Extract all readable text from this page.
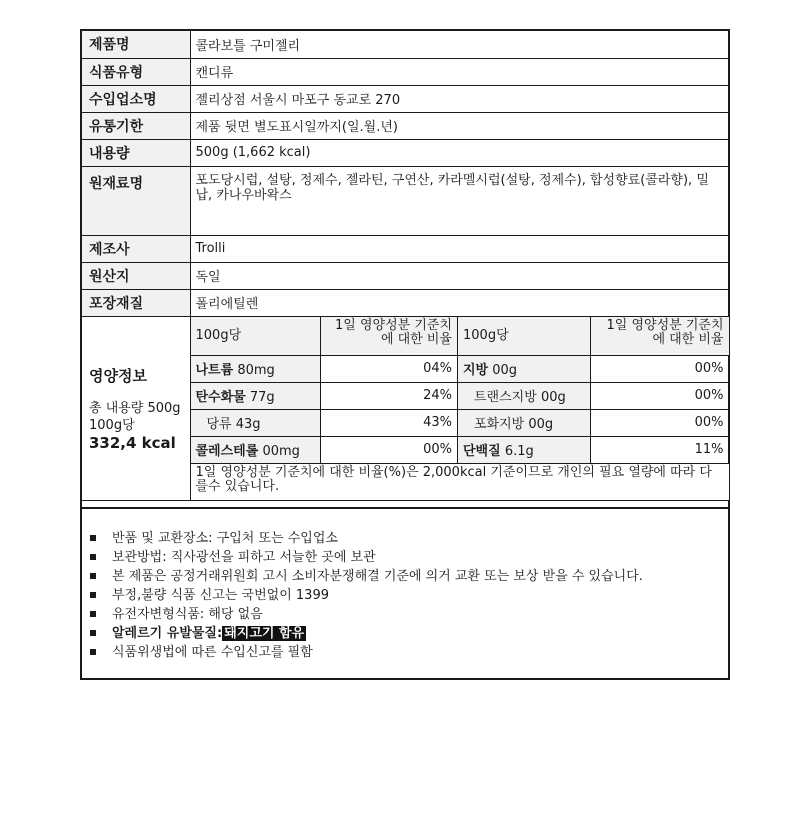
제품명	콜라보틀 구미젤리
식품유형	캔디류
수입업소명	젤리상점 서울시 마포구 동교로 270
유통기한	제품 뒷면 별도표시일까지(일.월.년)
내용량	500g (1,662 kcal)
원재료명	포도당시럽, 설탕, 정제수, 젤라틴, 구연산, 카라멜시럽(설탕, 정제수), 합성향료(콜라향), 밀납, 카나우바왁스
제조사	Trolli
원산지	독일
포장재질	폴리에틸렌

영양정보
총 내용량 500g
100g당
332,4 kcal

100g당	1일 영양성분 기준치에 대한 비율	100g당	1일 영양성분 기준치에 대한 비율
나트륨 80mg	04%	지방 00g	00%
탄수화물 77g	24%	트랜스지방 00g	00%
당류 43g	43%	포화지방 00g	00%
콜레스테롤 00mg	00%	단백질 6.1g	11%
1일 영양성분 기준치에 대한 비율(%)은 2,000kcal 기준이므로 개인의 필요 열량에 따라 다를수 있습니다.
반품 및 교환장소: 구입처 또는 수입업소
보관방법: 직사광선을 피하고 서늘한 곳에 보관
본 제품은 공정거래위원회 고시 소비자분쟁해결 기준에 의거 교환 또는 보상 받을 수 있습니다.
부정,불량 식품 신고는 국번없이 1399
유전자변형식품: 해당 없음
알레르기 유발물질: 돼지고기 함유
식품위생법에 따른 수입신고를 필함
